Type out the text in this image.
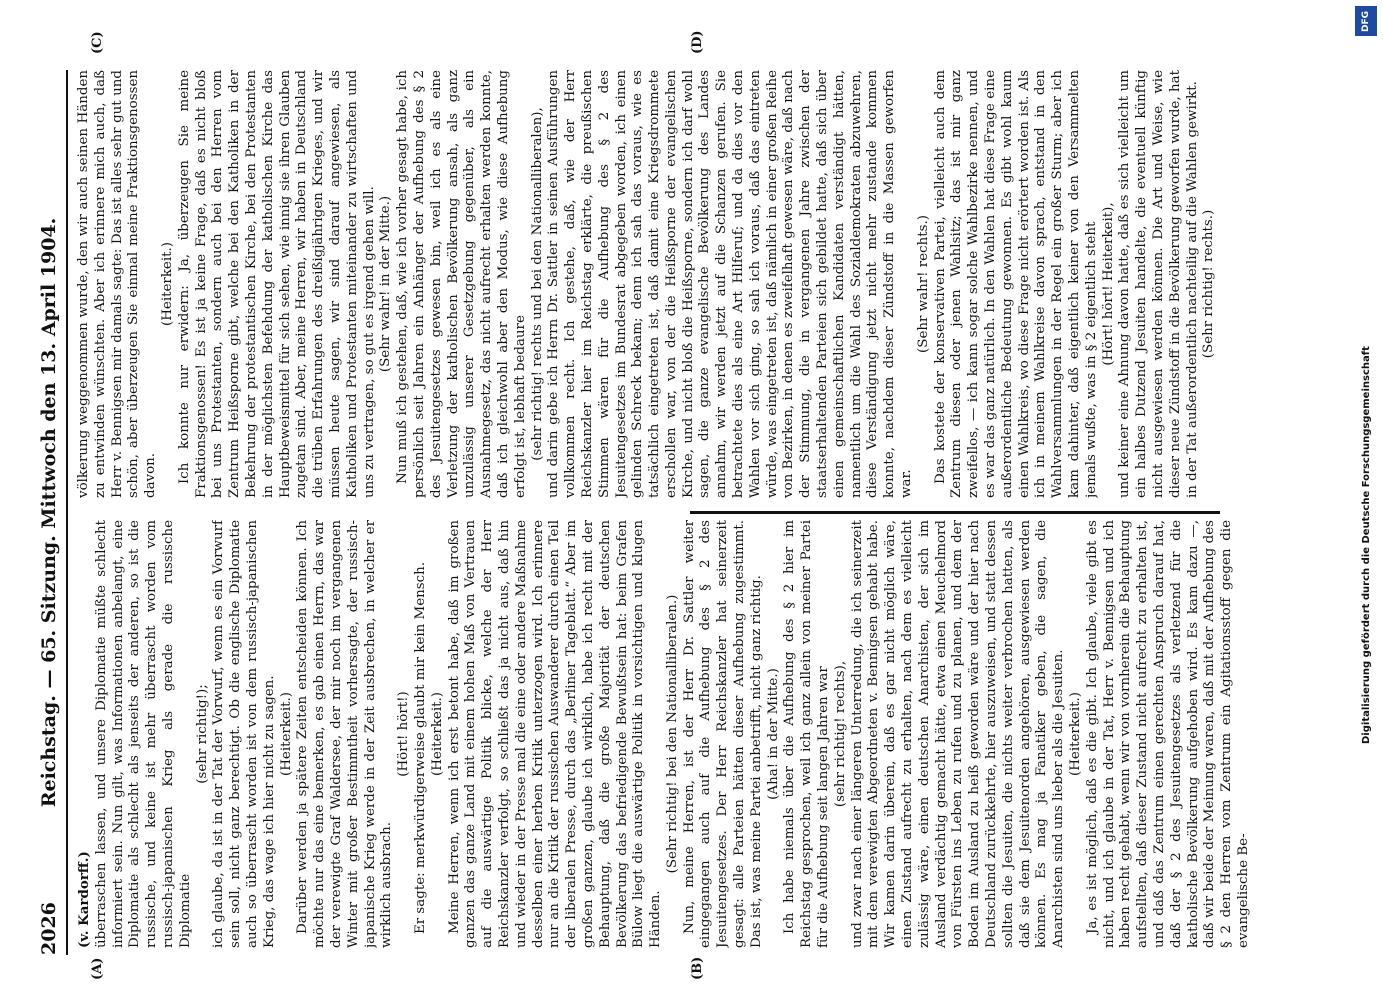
2026
Reichstag. — 65. Sitzung. Mittwoch den 13. April 1904.
(A)	(B)
(C)	(D)

(v. Kardorff.) überraschen lassen, und unsere Diplomatie müßte schlecht informiert sein. Nun gilt, was Informationen anbelangt, eine Diplomatie als schlecht als jenseits der anderen, so ist die russische, und keine ist mehr überrascht worden vom russisch-japanischen Krieg als gerade die russische Diplomatie

(sehr richtig!); ich glaube, da ist in der Tat der Vorwurf, wenn es ein Vorwurf sein soll, nicht ganz berechtigt. Ob die englische Diplomatie auch so überrascht worden ist von dem russisch-japanischen Krieg, das wage ich hier nicht zu sagen. (Heiterkeit.) Darüber werden ja spätere Zeiten entscheiden können. Ich möchte nur das eine bemerken, es gab einen Herrn, das war der verewigte Graf Waldersee, der mir noch im vergangenen Winter mit großer Bestimmtheit vorhersagte, der russisch-japanische Krieg werde in der Zeit ausbrechen, in welcher er wirklich ausbrach.

(Hört! hört!) Er sagte: merkwürdigerweise glaubt mir kein Mensch. (Heiterkeit.) Meine Herren, wenn ich erst betont habe, daß im großen ganzen das ganze Land mit einem hohen Maß von Vertrauen auf die auswärtige Politik blicke, welche der Herr Reichskanzler verfolgt, so schließt das ja nicht aus, daß hin und wieder in der Presse mal die eine oder andere Maßnahme desselben einer herben Kritik unterzogen wird. Ich erinnere nur an die Kritik der russischen Auswanderer durch einen Teil der liberalen Presse, durch das „Berliner Tageblatt.“ Aber im großen ganzen, glaube ich wirklich, habe ich recht mit der Behauptung, daß die große Majorität der deutschen Bevölkerung das befriedigende Bewußtsein hat: beim Grafen Bülow liegt die auswärtige Politik in vorsichtigen und klugen Händen.

(Sehr richtig! bei den Nationalliberalen.) Nun, meine Herren, ist der Herr Dr. Sattler weiter eingegangen auch auf die Aufhebung des § 2 des Jesuitengesetzes. Der Herr Reichskanzler hat seinerzeit gesagt: alle Parteien hätten dieser Aufhebung zugestimmt. Das ist, was meine Partei anbetrifft, nicht ganz richtig. (Aha! in der Mitte.) Ich habe niemals über die Aufhebung des § 2 hier im Reichstag gesprochen, weil ich ganz allein von meiner Partei für die Aufhebung seit langen Jahren war (sehr richtig! rechts), und zwar nach einer längeren Unterredung, die ich seinerzeit mit dem verewigten Abgeordneten v. Bennigsen gehabt habe. Wir kamen darin überein, daß es gar nicht möglich wäre, einen Zustand aufrecht zu erhalten, nach dem es vielleicht zulässig wäre, einen deutschen Anarchisten, der sich im Ausland verdächtig gemacht hätte, etwa einen Meuchelmord von Fürsten ins Leben zu rufen und zu planen, und dem der Boden im Ausland zu heiß geworden wäre und der hier nach Deutschland zurückkehrte, hier auszuweisen, und statt dessen sollten die Jesuiten, die nichts weiter verbrochen hatten, als daß sie dem Jesuitenorden angehören, ausgewiesen werden können. Es mag ja Fanatiker geben, die sagen, die Anarchisten sind uns lieber als die Jesuiten. (Heiterkeit.) Ja, es ist möglich, daß es die gibt. Ich glaube, viele gibt es nicht, und ich glaube in der Tat, Herr v. Bennigsen und ich haben recht gehabt, wenn wir von vornherein die Behauptung aufstellten, daß dieser Zustand nicht aufrecht zu erhalten ist, und daß das Zentrum einen gerechten Anspruch darauf hat, daß der § 2 des Jesuitengesetzes als verletzend für die katholische Bevölkerung aufgehoben wird. Es kam dazu —, daß wir beide der Meinung waren, daß mit der Aufhebung des § 2 den Herren vom Zentrum ein Agitationsstoff gegen die evangelische Be-

völkerung weggenommen wurde, den wir auch seinen Händen zu entwinden wünschten. Aber ich erinnere mich auch, daß Herr v. Bennigsen mir damals sagte: Das ist alles sehr gut und schön, aber überzeugen Sie einmal meine Fraktionsgenossen davon.

(Heiterkeit.) Ich konnte nur erwidern: Ja, überzeugen Sie meine Fraktionsgenossen! Es ist ja keine Frage, daß es nicht bloß bei uns Protestanten, sondern auch bei den Herren vom Zentrum Heißsporne gibt, welche bei den Katholiken in der Bekehrung der protestantischen Kirche, bei den Protestanten in der möglichsten Befehdung der katholischen Kirche das Hauptbeweismittel für sich sehen, wie innig sie ihren Glauben zugetan sind. Aber, meine Herren, wir haben in Deutschland die trüben Erfahrungen des dreißigjährigen Krieges, und wir müssen heute sagen, wir sind darauf angewiesen, als Katholiken und Protestanten miteinander zu wirtschaften und uns zu vertragen, so gut es irgend gehen will. (Sehr wahr! in der Mitte.) Nun muß ich gestehen, daß, wie ich vorher gesagt habe, ich persönlich seit Jahren ein Anhänger der Aufhebung des § 2 des Jesuitengesetzes gewesen bin, weil ich es als eine Verletzung der katholischen Bevölkerung ansah, als ganz unzulässig unserer Gesetzgebung gegenüber, als ein Ausnahmegesetz, das nicht aufrecht erhalten werden konnte, daß ich gleichwohl aber den Modus, wie diese Aufhebung erfolgt ist, lebhaft bedaure (sehr richtig! rechts und bei den Nationalliberalen), und darin gebe ich Herrn Dr. Sattler in seinen Ausführungen vollkommen recht. Ich gestehe, daß, wie der Herr Reichskanzler hier im Reichstag erklärte, die preußischen Stimmen wären für die Aufhebung des § 2 des Jesuitengesetzes im Bundesrat abgegeben worden, ich einen gelinden Schreck bekam; denn ich sah das voraus, wie es tatsächlich eingetreten ist, daß damit eine Kriegsdrommete erschollen war, von der die Heißsporne der evangelischen Kirche, und nicht bloß die Heißsporne, sondern ich darf wohl sagen, die ganze evangelische Bevölkerung des Landes annahm, wir werden jetzt auf die Schanzen gerufen. Sie betrachtete dies als eine Art Hilferuf; und da dies vor den Wahlen vor sich ging, so sah ich voraus, daß das eintreten würde, was eingetreten ist, daß nämlich in einer großen Reihe von Bezirken, in denen es zweifelhaft gewesen wäre, daß nach der Stimmung, die in vergangenen Jahre zwischen der staatserhaltenden Parteien sich gebildet hatte, daß sich über einen gemeinschaftlichen Kandidaten verständigt hätten, namentlich um die Wahl des Sozialdemokraten abzuwehren, diese Verständigung jetzt nicht mehr zustande kommen konnte, nachdem dieser Zündstoff in die Massen geworfen war.

(Sehr wahr! rechts.) Das kostete der konservativen Partei, vielleicht auch dem Zentrum diesen oder jenen Wahlsitz; das ist mir ganz zweifellos, — ich kann sogar solche Wahlbezirke nennen, und es war das ganz natürlich. In den Wahlen hat diese Frage eine außerordentliche Bedeutung gewonnen. Es gibt wohl kaum einen Wahlkreis, wo diese Frage nicht erörtert worden ist. Als ich in meinem Wahlkreise davon sprach, entstand in den Wahlversammlungen in der Regel ein großer Sturm; aber ich kam dahinter, daß eigentlich keiner von den Versammelten jemals wußte, was in § 2 eigentlich steht (Hört! hört! Heiterkeit), und keiner eine Ahnung davon hatte, daß es sich vielleicht um ein halbes Dutzend Jesuiten handelte, die eventuell künftig nicht ausgewiesen werden können. Die Art und Weise, wie dieser neue Zündstoff in die Bevölkerung geworfen wurde, hat in der Tat außerordentlich nachteilig auf die Wahlen gewirkt. (Sehr richtig! rechts.)

DFG
Digitalisierung gefördert durch die Deutsche Forschungsgemeinschaft
